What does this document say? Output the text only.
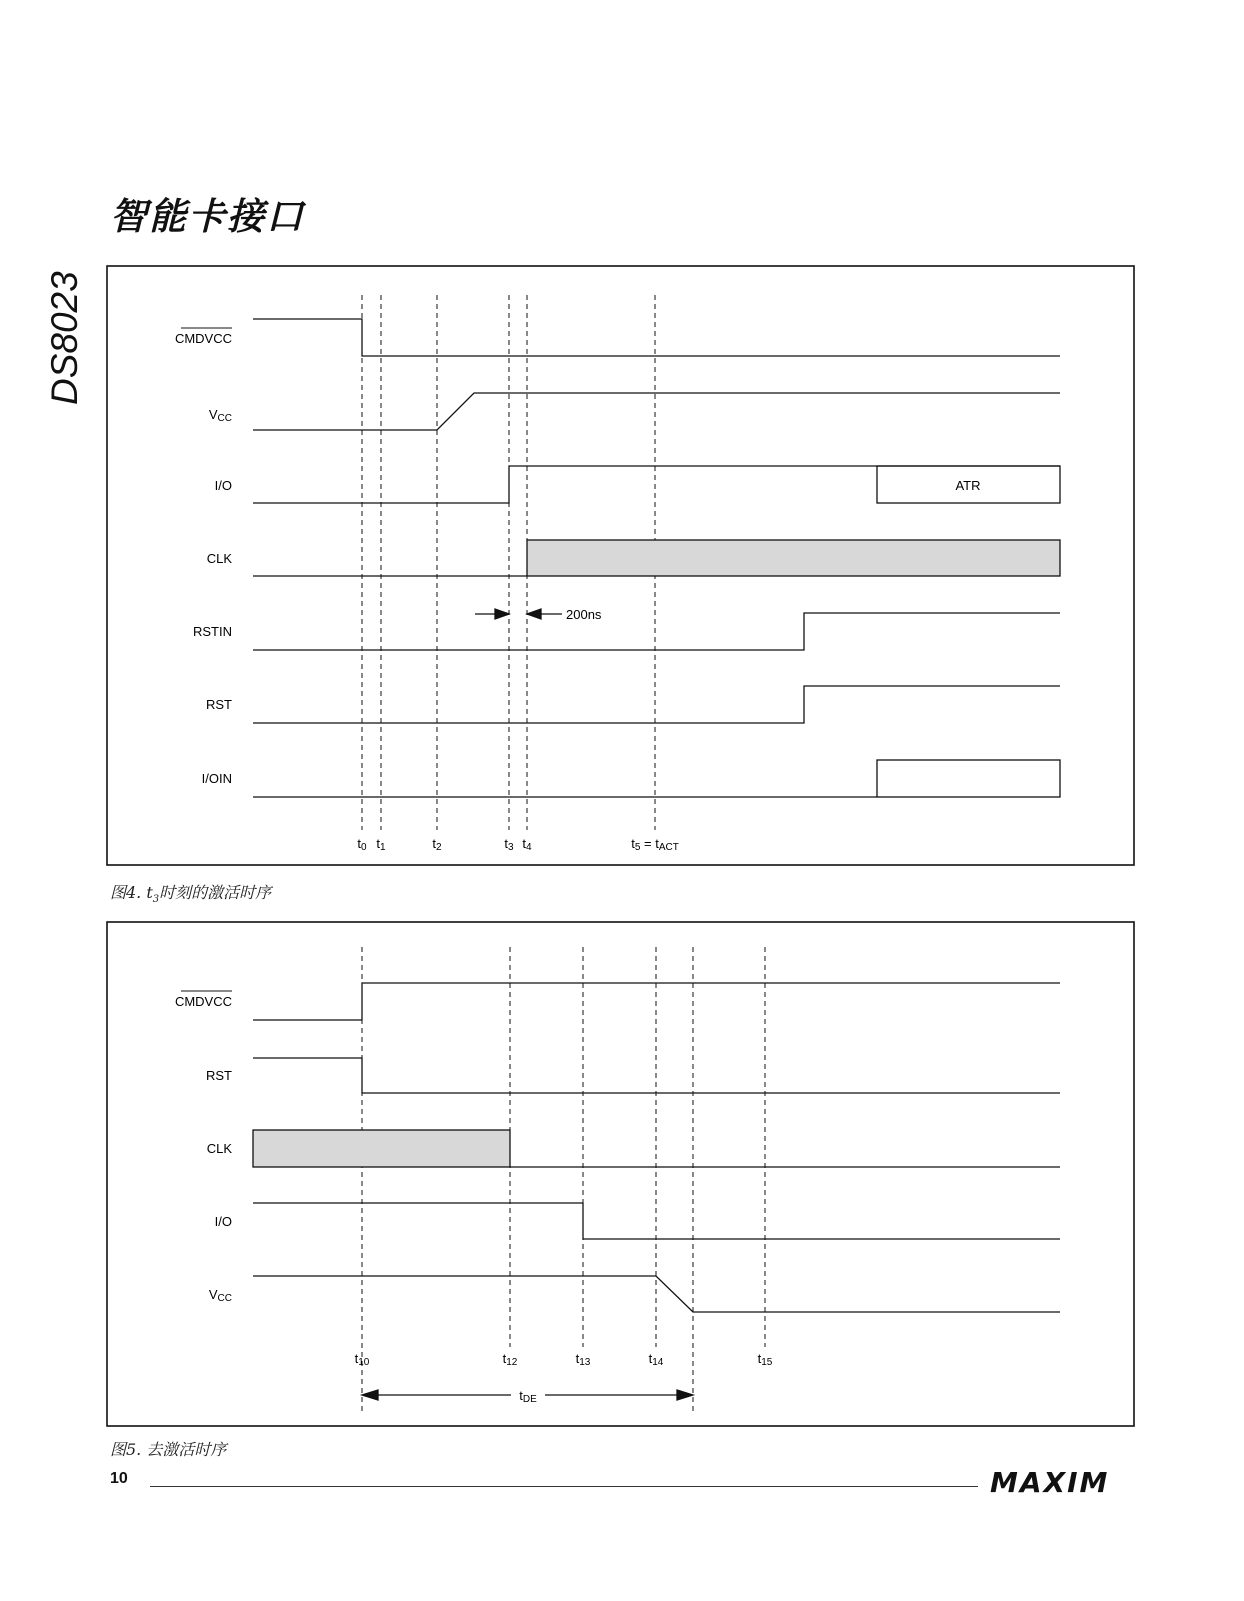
智能卡接口
DS8023
200ns
ATR
CMDVCC
VCC
I/O
CLK
RSTIN
RST
I/OIN
t0 t1	t2	t3 t4	t5 = tACT
CMDVCC
RST
CLK
I/O
VCC
t10	t12	t13	t14	t15
tDE
图4. $t_3$时刻的激活时序
图5. 去激活时序
10	MAXIM
